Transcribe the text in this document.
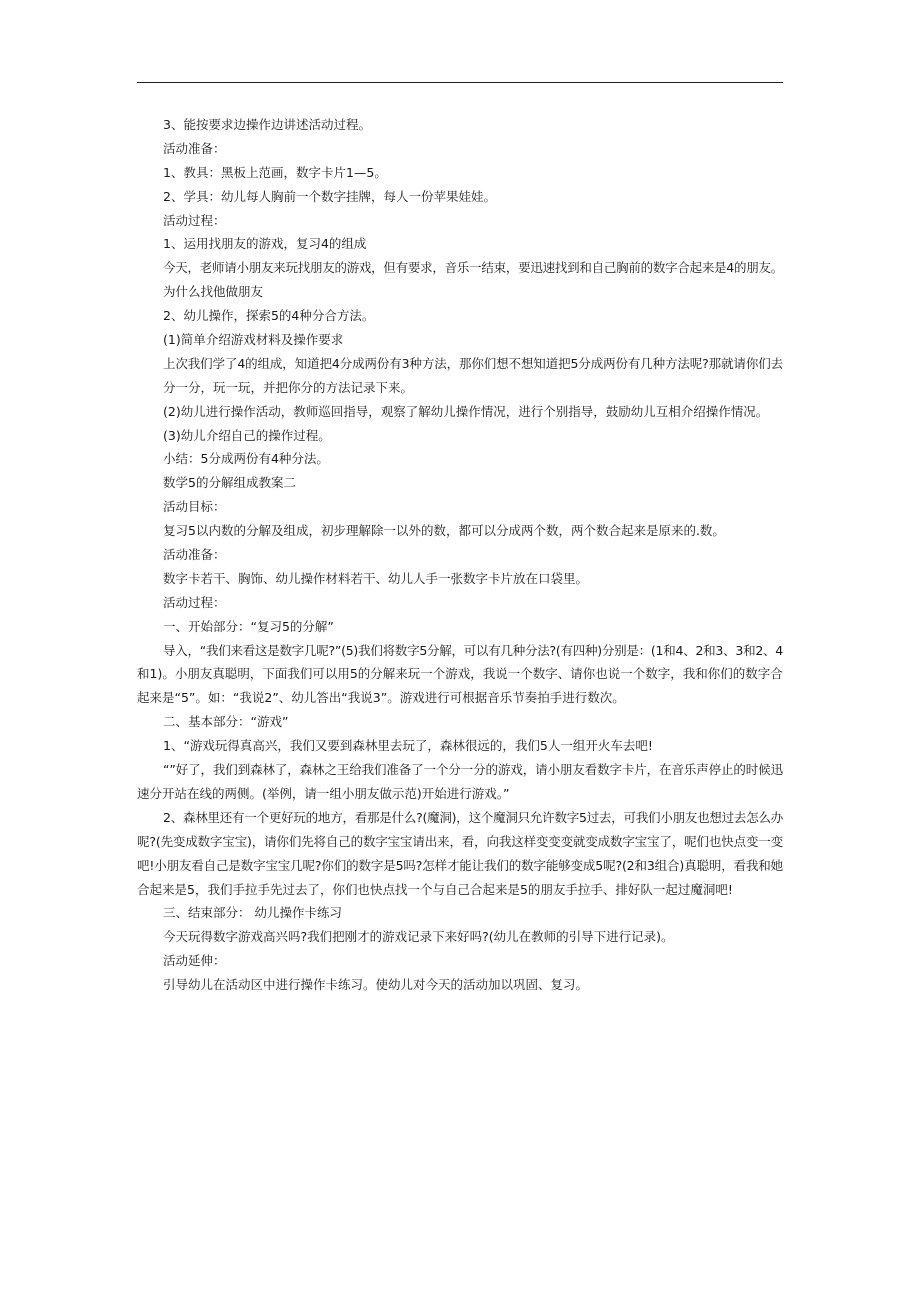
3、能按要求边操作边讲述活动过程。
活动准备：
1、教具：黑板上范画，数字卡片1—5。
2、学具：幼儿每人胸前一个数字挂牌，每人一份苹果娃娃。
活动过程：
1、运用找朋友的游戏，复习4的组成
今天，老师请小朋友来玩找朋友的游戏，但有要求，音乐一结束，要迅速找到和自己胸前的数字合起来是4的朋友。
为什么找他做朋友
2、幼儿操作，探索5的4种分合方法。
(1)简单介绍游戏材料及操作要求
上次我们学了4的组成，知道把4分成两份有3种方法，那你们想不想知道把5分成两份有几种方法呢?那就请你们去
分一分，玩一玩，并把你分的方法记录下来。
(2)幼儿进行操作活动，教师巡回指导，观察了解幼儿操作情况，进行个别指导，鼓励幼儿互相介绍操作情况。
(3)幼儿介绍自己的操作过程。
小结：5分成两份有4种分法。
数学5的分解组成教案二
活动目标：
复习5以内数的分解及组成，初步理解除一以外的数，都可以分成两个数，两个数合起来是原来的.数。
活动准备：
数字卡若干、胸饰、幼儿操作材料若干、幼儿人手一张数字卡片放在口袋里。
活动过程：
一、开始部分：“复习5的分解”
导入，“我们来看这是数字几呢?”(5)我们将数字5分解，可以有几种分法?(有四种)分别是：(1和4、2和3、3和2、4
和1)。小朋友真聪明，下面我们可以用5的分解来玩一个游戏，我说一个数字、请你也说一个数字，我和你们的数字合
起来是“5”。如：“我说2”、幼儿答出“我说3”。游戏进行可根据音乐节奏拍手进行数次。
二、基本部分：“游戏”
1、“游戏玩得真高兴，我们又要到森林里去玩了，森林很远的，我们5人一组开火车去吧!
“”好了，我们到森林了，森林之王给我们准备了一个分一分的游戏，请小朋友看数字卡片，在音乐声停止的时候迅
速分开站在线的两侧。(举例，请一组小朋友做示范)开始进行游戏。”
2、森林里还有一个更好玩的地方，看那是什么?(魔洞)，这个魔洞只允许数字5过去，可我们小朋友也想过去怎么办
呢?(先变成数字宝宝)，请你们先将自己的数字宝宝请出来，看，向我这样变变变就变成数字宝宝了，呢们也快点变一变
吧!小朋友看自己是数字宝宝几呢?你们的数字是5吗?怎样才能让我们的数字能够变成5呢?(2和3组合)真聪明，看我和她
合起来是5，我们手拉手先过去了，你们也快点找一个与自己合起来是5的朋友手拉手、排好队一起过魔洞吧!
三、结束部分： 幼儿操作卡练习
今天玩得数字游戏高兴吗?我们把刚才的游戏记录下来好吗?(幼儿在教师的引导下进行记录)。
活动延伸：
引导幼儿在活动区中进行操作卡练习。使幼儿对今天的活动加以巩固、复习。
